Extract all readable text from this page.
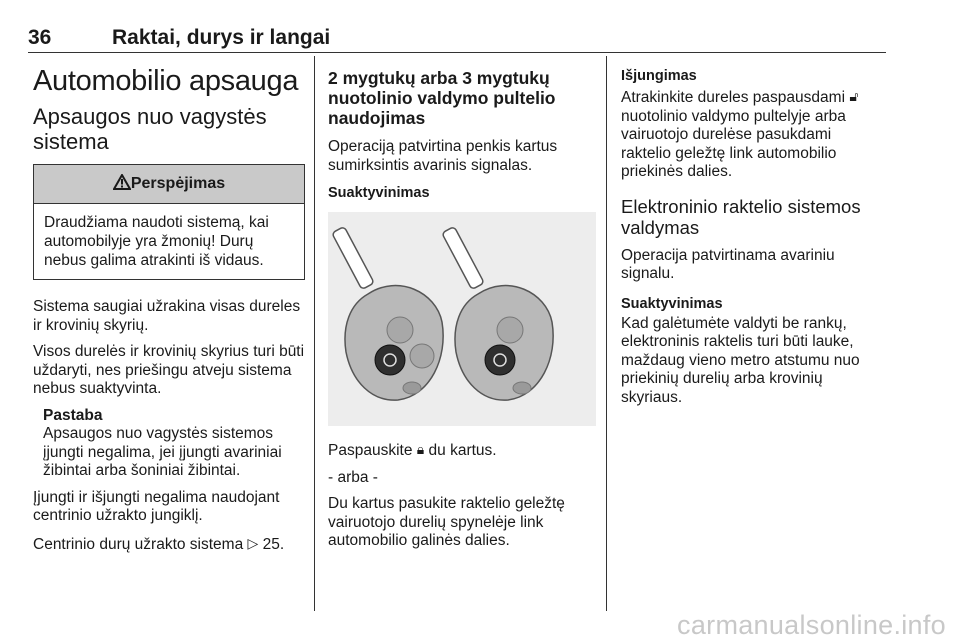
36	Raktai, durys ir langai
Automobilio apsauga
Apsaugos nuo vagystės sistema
Perspėjimas
Draudžiama naudoti sistemą, kai automobilyje yra žmonių! Durų nebus galima atrakinti iš vidaus.

Sistema saugiai užrakina visas dureles ir krovinių skyrių.

Visos durelės ir krovinių skyrius turi būti uždaryti, nes priešingu atveju sistema nebus suaktyvinta.

Pastaba

Apsaugos nuo vagystės sistemos įjungti negalima, jei įjungti avariniai žibintai arba šoniniai žibintai.

Įjungti ir išjungti negalima naudojant centrinio užrakto jungiklį.

Centrinio durų užrakto sistema ▷ 25.

2 mygtukų arba 3 mygtukų nuotolinio valdymo pultelio naudojimas

Operaciją patvirtina penkis kartus sumirksintis avarinis signalas.

Suaktyvinimas

Paspauskite 🔒︎ du kartus.

- arba -

Du kartus pasukite raktelio geležtę vairuotojo durelių spynelėje link automobilio galinės dalies.

Išjungimas

Atrakinkite dureles paspausdami 🔓︎ nuotolinio valdymo pultelyje arba vairuotojo durelėse pasukdami raktelio geležtę link automobilio priekinės dalies.

Elektroninio raktelio sistemos valdymas

Operacija patvirtinama avariniu signalu.

Suaktyvinimas

Kad galėtumėte valdyti be rankų, elektroninis raktelis turi būti lauke, maždaug vieno metro atstumu nuo priekinių durelių arba krovinių skyriaus.

carmanualsonline.info
